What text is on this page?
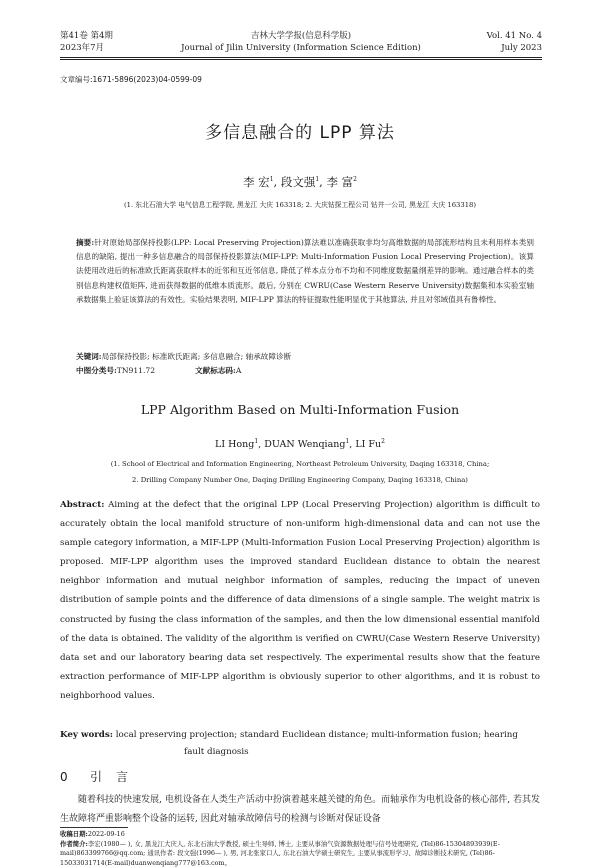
第41卷 第4期
2023年7月
吉林大学学报(信息科学版)
Journal of Jilin University (Information Science Edition)
Vol. 41 No. 4
July 2023
文章编号:1671-5896(2023)04-0599-09
多信息融合的 LPP 算法
李 宏$^1$, 段文强$^1$, 李 富$^2$
(1. 东北石油大学 电气信息工程学院, 黑龙江 大庆 163318; 2. 大庆钻探工程公司 钻井一公司, 黑龙江 大庆 163318)
摘要:针对原始局部保持投影(LPP: Local Preserving Projection)算法难以准确获取非均匀高维数据的局部流形结构且未利用样本类别信息的缺陷, 提出一种多信息融合的局部保持投影算法(MIF-LPP: Multi-Information Fusion Local Preserving Projection)。该算法使用改进后的标准欧氏距离获取样本的近邻和互近邻信息, 降低了样本点分布不均和不同维度数据量纲差异的影响。通过融合样本的类别信息构建权值矩阵, 进而获得数据的低维本质流形。最后, 分别在 CWRU(Case Western Reserve University)数据集和本实验室轴承数据集上验证该算法的有效性。实验结果表明, MIF-LPP 算法的特征提取性能明显优于其他算法, 并且对邻域值具有鲁棒性。
关键词:局部保持投影; 标准欧氏距离; 多信息融合; 轴承故障诊断
中图分类号:TN911.72	文献标志码:A
LPP Algorithm Based on Multi-Information Fusion
LI Hong$^1$, DUAN Wenqiang$^1$, LI Fu$^2$
(1. School of Electrical and Information Engineering, Northeast Petroleum University, Daqing 163318, China;
2. Drilling Company Number One, Daqing Drilling Engineering Company, Daqing 163318, China)
Abstract: Aiming at the defect that the original LPP (Local Preserving Projection) algorithm is difficult to accurately obtain the local manifold structure of non-uniform high-dimensional data and can not use the sample category information, a MIF-LPP (Multi-Information Fusion Local Preserving Projection) algorithm is proposed. MIF-LPP algorithm uses the improved standard Euclidean distance to obtain the nearest neighbor information and mutual neighbor information of samples, reducing the impact of uneven distribution of sample points and the difference of data dimensions of a single sample. The weight matrix is constructed by fusing the class information of the samples, and then the low dimensional essential manifold of the data is obtained. The validity of the algorithm is verified on CWRU(Case Western Reserve University) data set and our laboratory bearing data set respectively. The experimental results show that the feature extraction performance of MIF-LPP algorithm is obviously superior to other algorithms, and it is robust to neighborhood values.
Key words: local preserving projection; standard Euclidean distance; multi-information fusion; hearing
fault diagnosis
0 引 言
随着科技的快速发展, 电机设备在人类生产活动中扮演着越来越关键的角色。而轴承作为电机设备的核心部件, 若其发生故障将严重影响整个设备的运转, 因此对轴承故障信号的检测与诊断对保证设备
收稿日期:2022-09-16
作者简介:李宏(1980— ), 女, 黑龙江大庆人, 东北石油大学教授, 硕士生导师, 博士, 主要从事油气资源数据处理与信号处理研究, (Tel)86-15304893939(E-mail)863399766@qq.com; 通讯作者: 段文强(1996— ), 男, 河北张家口人, 东北石油大学硕士研究生, 主要从事流形学习、故障诊断技术研究, (Tel)86-15033031714(E-mail)duanwenqiang777@163.com。
